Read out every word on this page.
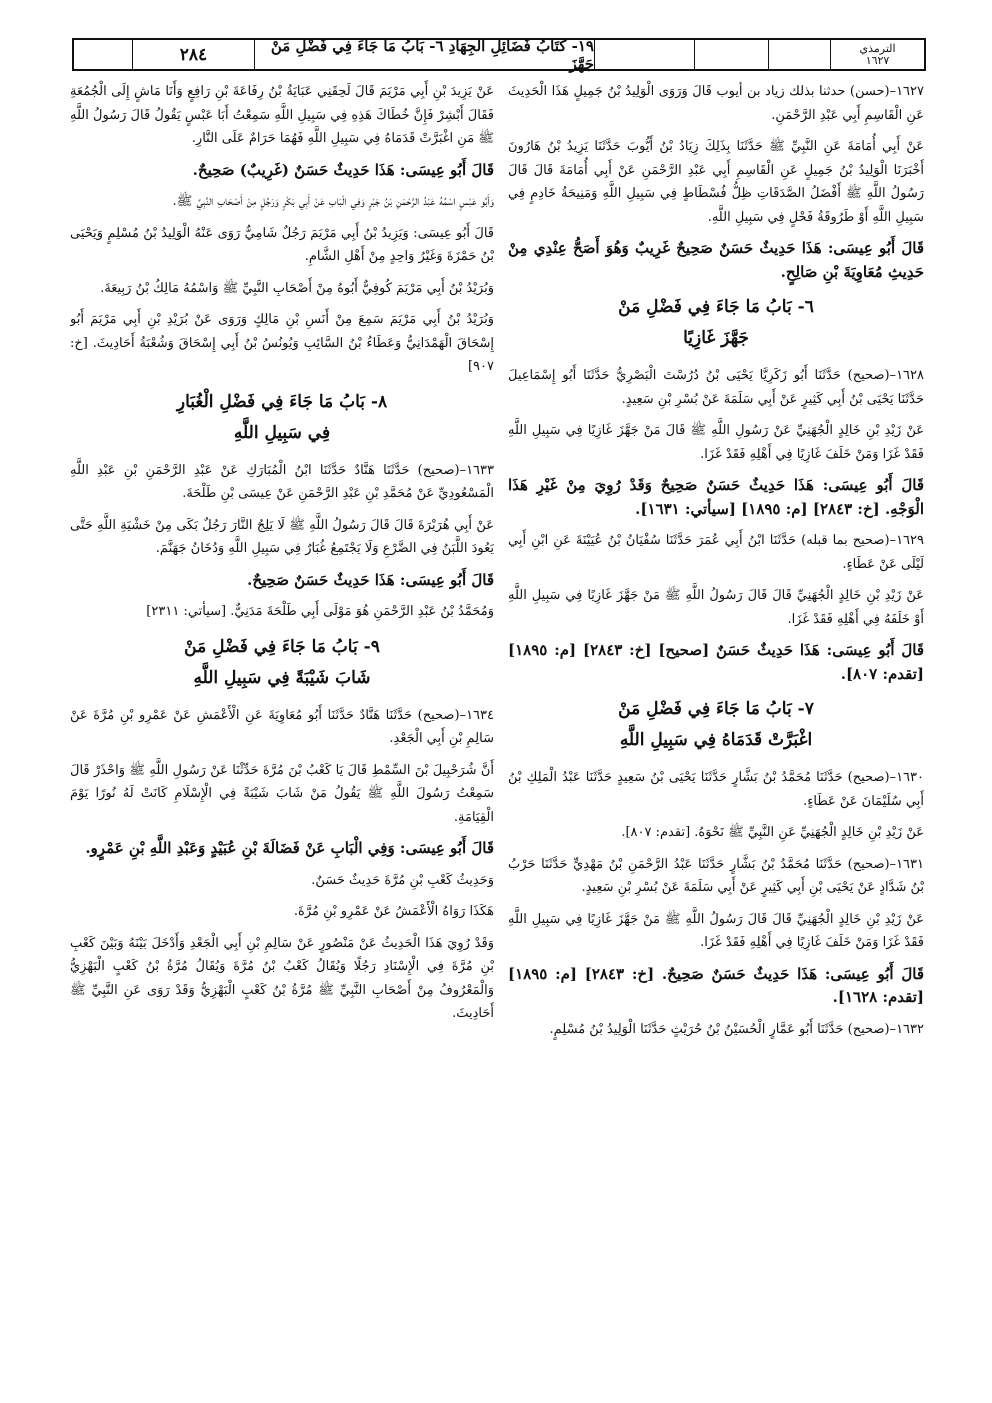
٢٨٤	١٩- كتَابُ فَضَائِلِ الجِهَادِ ٦- بَابُ مَا جَاءَ فِي فَضْلِ مَنْ جَهَّزَ
الترمذي
١٦٢٧

١٦٢٧–(حسن) حدثنا بذلك زياد بن أيوب قَالَ وَرَوَى الْوَلِيدُ بْنُ جَمِيلٍ هَذَا الْحَدِيثَ عَنِ الْقَاسِمِ أَبِي عَبْدِ الرَّحْمَنِ.

عَنْ أَبِي أُمَامَةَ عَنِ النَّبِيِّ ﷺ حَدَّثَنَا بِذَلِكَ زِيَادُ بْنُ أَيُّوبَ حَدَّثَنَا يَزِيدُ بْنُ هَارُونَ أَخْبَرَنَا الْوَلِيدُ بْنُ جَمِيلٍ عَنِ الْقَاسِمِ أَبِي عَبْدِ الرَّحْمَنِ عَنْ أَبِي أُمَامَةَ قَالَ قَالَ رَسُولُ اللَّهِ ﷺ أَفْضَلُ الصَّدَقَاتِ ظِلُّ فُسْطَاطٍ فِي سَبِيلِ اللَّهِ وَمَنِيحَةُ خَادِمٍ فِي سَبِيلِ اللَّهِ أَوْ طَرُوقَةُ فَحْلٍ فِي سَبِيلِ اللَّهِ.

قَالَ أَبُو عِيسَى: هَذَا حَدِيثٌ حَسَنٌ صَحِيحٌ غَرِيبٌ وَهُوَ أَصَحُّ عِنْدِي مِنْ حَدِيثِ مُعَاوِيَةَ بْنِ صَالِحٍ.

٦- بَابُ مَا جَاءَ فِي فَضْلِ مَنْ
جَهَّزَ غَازِيًا

١٦٢٨–(صحيح) حَدَّثَنَا أَبُو زَكَرِيَّا يَحْيَى بْنُ دُرُسْتَ الْبَصْرِيُّ حَدَّثَنَا أَبُو إِسْمَاعِيلَ حَدَّثَنَا يَحْيَى بْنُ أَبِي كَثِيرٍ عَنْ أَبِي سَلَمَةَ عَنْ بُسْرِ بْنِ سَعِيدٍ.

عَنْ زَيْدِ بْنِ خَالِدٍ الْجُهَنِيِّ عَنْ رَسُولِ اللَّهِ ﷺ قَالَ مَنْ جَهَّزَ غَازِيًا فِي سَبِيلِ اللَّهِ فَقَدْ غَزَا وَمَنْ خَلَفَ غَازِيًا فِي أَهْلِهِ فَقَدْ غَزَا.

قَالَ أَبُو عِيسَى: هَذَا حَدِيثٌ حَسَنٌ صَحِيحٌ وَقَدْ رُوِيَ مِنْ غَيْرِ هَذَا الْوَجْهِ. [خ: ٢٨٤٣] [م: ١٨٩٥] [سيأتي: ١٦٣١].

١٦٢٩–(صحيح بما قبله) حَدَّثَنَا ابْنُ أَبِي عُمَرَ حَدَّثَنَا سُفْيَانُ بْنُ عُيَيْنَةَ عَنِ ابْنِ أَبِي لَيْلَى عَنْ عَطَاءٍ.

عَنْ زَيْدِ بْنِ خَالِدٍ الْجُهَنِيِّ قَالَ قَالَ رَسُولُ اللَّهِ ﷺ مَنْ جَهَّزَ غَازِيًا فِي سَبِيلِ اللَّهِ أَوْ خَلَفَهُ فِي أَهْلِهِ فَقَدْ غَزَا.

قَالَ أَبُو عِيسَى: هَذَا حَدِيثٌ حَسَنٌ [صحيح] [خ: ٢٨٤٣] [م: ١٨٩٥] [تقدم: ٨٠٧].

٧- بَابُ مَا جَاءَ فِي فَضْلِ مَنْ
اغْبَرَّتْ قَدَمَاهُ فِي سَبِيلِ اللَّهِ

١٦٣٠–(صحيح) حَدَّثَنَا مُحَمَّدُ بْنُ بَشَّارٍ حَدَّثَنَا يَحْيَى بْنُ سَعِيدٍ حَدَّثَنَا عَبْدُ الْمَلِكِ بْنُ أَبِي سُلَيْمَانَ عَنْ عَطَاءٍ.

عَنْ زَيْدِ بْنِ خَالِدٍ الْجُهَنِيِّ عَنِ النَّبِيِّ ﷺ نَحْوَهُ. [تقدم: ٨٠٧].

١٦٣١–(صحيح) حَدَّثَنَا مُحَمَّدُ بْنُ بَشَّارٍ حَدَّثَنَا عَبْدُ الرَّحْمَنِ بْنُ مَهْدِيٍّ حَدَّثَنَا حَرْبُ بْنُ شَدَّادٍ عَنْ يَحْيَى بْنِ أَبِي كَثِيرٍ عَنْ أَبِي سَلَمَةَ عَنْ بُسْرِ بْنِ سَعِيدٍ.

عَنْ زَيْدِ بْنِ خَالِدٍ الْجُهَنِيِّ قَالَ قَالَ رَسُولُ اللَّهِ ﷺ مَنْ جَهَّزَ غَازِيًا فِي سَبِيلِ اللَّهِ فَقَدْ غَزَا وَمَنْ خَلَفَ غَازِيًا فِي أَهْلِهِ فَقَدْ غَزَا.

قَالَ أَبُو عِيسَى: هَذَا حَدِيثٌ حَسَنٌ صَحِيحٌ. [خ: ٢٨٤٣] [م: ١٨٩٥] [تقدم: ١٦٢٨].

١٦٣٢–(صحيح) حَدَّثَنَا أَبُو عَمَّارٍ الْحُسَيْنُ بْنُ حُرَيْثٍ حَدَّثَنَا الْوَلِيدُ بْنُ مُسْلِمٍ.

عَنْ يَزِيدَ بْنِ أَبِي مَرْيَمَ قَالَ لَحِقَنِي عَبَايَةُ بْنُ رِفَاعَةَ بْنِ رَافِعٍ وَأَنَا مَاشٍ إِلَى الْجُمُعَةِ فَقَالَ أَبْشِرْ فَإِنَّ خُطَاكَ هَذِهِ فِي سَبِيلِ اللَّهِ سَمِعْتُ أَبَا عَبْسٍ يَقُولُ قَالَ رَسُولُ اللَّهِ ﷺ مَنِ اغْبَرَّتْ قَدَمَاهُ فِي سَبِيلِ اللَّهِ فَهُمَا حَرَامٌ عَلَى النَّارِ.

قَالَ أَبُو عِيسَى: هَذَا حَدِيثٌ حَسَنٌ (غَرِيبٌ) صَحِيحٌ.

وَأَبُو عَبْسٍ اسْمُهُ عَبْدُ الرَّحْمَنِ بْنُ جَبْرٍ وَفِي الْبَابِ عَنْ أَبِي بَكْرٍ وَرَجُلٍ مِنْ أَصْحَابِ النَّبِيِّ ﷺ.

قَالَ أَبُو عِيسَى: وَيَزِيدُ بْنُ أَبِي مَرْيَمَ رَجُلٌ شَامِيٌّ رَوَى عَنْهُ الْوَلِيدُ بْنُ مُسْلِمٍ وَيَحْيَى بْنُ حَمْزَةَ وَغَيْرُ وَاحِدٍ مِنْ أَهْلِ الشَّامِ.

وَبُرَيْدُ بْنُ أَبِي مَرْيَمَ كُوفِيٌّ أَبُوهُ مِنْ أَصْحَابِ النَّبِيِّ ﷺ وَاسْمُهُ مَالِكُ بْنُ رَبِيعَةَ.

وَبُرَيْدُ بْنُ أَبِي مَرْيَمَ سَمِعَ مِنْ أَنَسِ بْنِ مَالِكٍ وَرَوَى عَنْ بُرَيْدِ بْنِ أَبِي مَرْيَمَ أَبُو إِسْحَاقَ الْهَمْدَانِيُّ وَعَطَاءُ بْنُ السَّائِبِ وَيُونُسُ بْنُ أَبِي إِسْحَاقَ وَشُعْبَةُ أَحَادِيثَ. [خ: ٩٠٧]

٨- بَابُ مَا جَاءَ فِي فَضْلِ الْغُبَارِ
فِي سَبِيلِ اللَّهِ

١٦٣٣–(صحيح) حَدَّثَنَا هَنَّادٌ حَدَّثَنَا ابْنُ الْمُبَارَكِ عَنْ عَبْدِ الرَّحْمَنِ بْنِ عَبْدِ اللَّهِ الْمَسْعُودِيِّ عَنْ مُحَمَّدِ بْنِ عَبْدِ الرَّحْمَنِ عَنْ عِيسَى بْنِ طَلْحَةَ.

عَنْ أَبِي هُرَيْرَةَ قَالَ قَالَ رَسُولُ اللَّهِ ﷺ لَا يَلِجُ النَّارَ رَجُلٌ بَكَى مِنْ خَشْيَةِ اللَّهِ حَتَّى يَعُودَ اللَّبَنُ فِي الضَّرْعِ وَلَا يَجْتَمِعُ غُبَارٌ فِي سَبِيلِ اللَّهِ وَدُخَانُ جَهَنَّمَ.

قَالَ أَبُو عِيسَى: هَذَا حَدِيثٌ حَسَنٌ صَحِيحٌ.

وَمُحَمَّدُ بْنُ عَبْدِ الرَّحْمَنِ هُوَ مَوْلَى أَبِي طَلْحَةَ مَدَنِيٌّ. [سيأتي: ٢٣١١]

٩- بَابُ مَا جَاءَ فِي فَضْلِ مَنْ
شَابَ شَيْبَةً فِي سَبِيلِ اللَّهِ

١٦٣٤–(صحيح) حَدَّثَنَا هَنَّادٌ حَدَّثَنَا أَبُو مُعَاوِيَةَ عَنِ الْأَعْمَشِ عَنْ عَمْرِو بْنِ مُرَّةَ عَنْ سَالِمِ بْنِ أَبِي الْجَعْدِ.

أَنَّ شُرَحْبِيلَ بْنَ السِّمْطِ قَالَ يَا كَعْبُ بْنَ مُرَّةَ حَدِّثْنَا عَنْ رَسُولِ اللَّهِ ﷺ وَاحْذَرْ قَالَ سَمِعْتُ رَسُولَ اللَّهِ ﷺ يَقُولُ مَنْ شَابَ شَيْبَةً فِي الْإِسْلَامِ كَانَتْ لَهُ نُورًا يَوْمَ الْقِيَامَةِ.

قَالَ أَبُو عِيسَى: وَفِي الْبَابِ عَنْ فَضَالَةَ بْنِ عُبَيْدٍ وَعَبْدِ اللَّهِ بْنِ عَمْرٍو.

وَحَدِيثُ كَعْبِ بْنِ مُرَّةَ حَدِيثٌ حَسَنٌ.

هَكَذَا رَوَاهُ الْأَعْمَشُ عَنْ عَمْرِو بْنِ مُرَّةَ.

وَقَدْ رُوِيَ هَذَا الْحَدِيثُ عَنْ مَنْصُورٍ عَنْ سَالِمِ بْنِ أَبِي الْجَعْدِ وَأَدْخَلَ بَيْنَهُ وَبَيْنَ كَعْبِ بْنِ مُرَّةَ فِي الْإِسْنَادِ رَجُلًا وَيُقَالُ كَعْبُ بْنُ مُرَّةَ وَيُقَالُ مُرَّةُ بْنُ كَعْبٍ الْبَهْزِيُّ وَالْمَعْرُوفُ مِنْ أَصْحَابِ النَّبِيِّ ﷺ مُرَّةُ بْنُ كَعْبٍ الْبَهْزِيُّ وَقَدْ رَوَى عَنِ النَّبِيِّ ﷺ أَحَادِيثَ.
